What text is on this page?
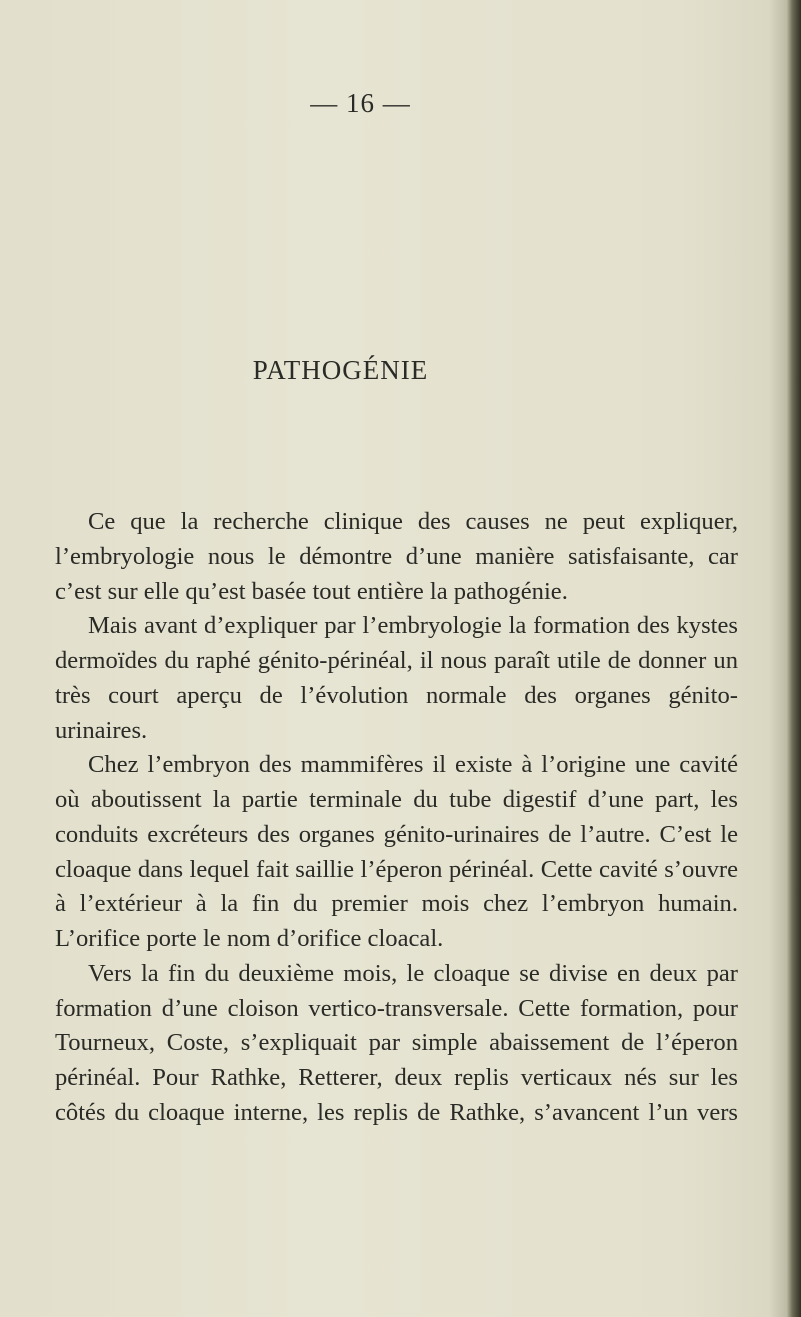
— 16 —
PATHOGÉNIE

Ce que la recherche clinique des causes ne peut expliquer, l’embryologie nous le démontre d’une manière satisfaisante, car c’est sur elle qu’est basée tout entière la pathogénie.

Mais avant d’expliquer par l’embryologie la formation des kystes dermoïdes du raphé génito-périnéal, il nous paraît utile de donner un très court aperçu de l’évolution normale des organes génito-urinaires.

Chez l’embryon des mammifères il existe à l’origine une cavité où aboutissent la partie terminale du tube digestif d’une part, les conduits excréteurs des organes génito-urinaires de l’autre. C’est le cloaque dans lequel fait saillie l’éperon périnéal. Cette cavité s’ouvre à l’extérieur à la fin du premier mois chez l’embryon humain. L’orifice porte le nom d’orifice cloacal.

Vers la fin du deuxième mois, le cloaque se divise en deux par formation d’une cloison vertico-transversale. Cette formation, pour Tourneux, Coste, s’expliquait par simple abaissement de l’éperon périnéal. Pour Rathke, Retterer, deux replis verticaux nés sur les côtés du cloaque interne, les replis de Rathke, s’avancent l’un vers
